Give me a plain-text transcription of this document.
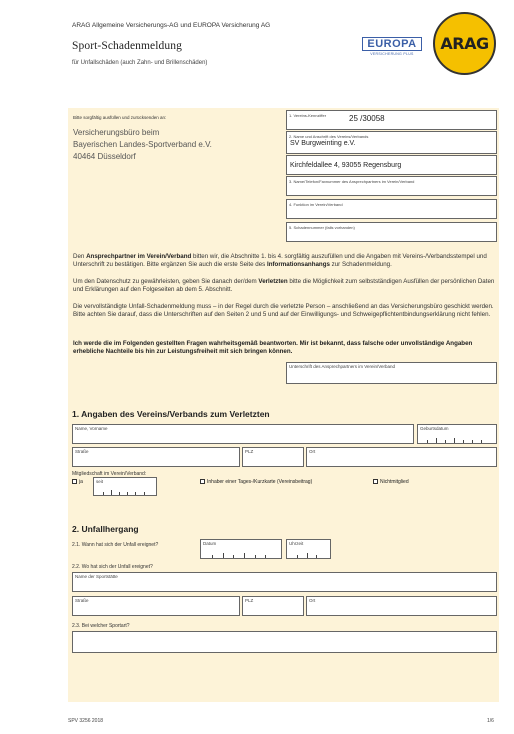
ARAG Allgemeine Versicherungs-AG und EUROPA Versicherung AG
Sport-Schadenmeldung
für Unfallschäden (auch Zahn- und Brillenschäden)
EUROPA
VERSICHERUNG PLUS
ARAG
Bitte sorgfältig ausfüllen und zurücksenden an:
Versicherungsbüro beim
Bayerischen Landes-Sportverband e.V.
40464 Düsseldorf
1. Vereins-Kennziffer	25 /30058
2. Name und Anschrift des Vereins/Verbands
SV Burgweinting e.V.
Kirchfeldallee 4, 93055 Regensburg
3. Name/Telefon/Faxnummer des Ansprechpartners im Verein/Verband
4. Funktion im Verein/Verband
5. Schadennummer (falls vorhanden)
Den Ansprechpartner im Verein/Verband bitten wir, die Abschnitte 1. bis 4. sorgfältig auszufüllen und die Angaben mit Vereins-/Verbandsstempel und Unterschrift zu bestätigen. Bitte ergänzen Sie auch die erste Seite des Informationsanhangs zur Schadenmeldung.
Um den Datenschutz zu gewährleisten, geben Sie danach der/dem Verletzten bitte die Möglichkeit zum selbstständigen Ausfüllen der persönlichen Daten und Erklärungen auf den Folgeseiten ab dem 5. Abschnitt.
Die vervollständigte Unfall-Schadenmeldung muss – in der Regel durch die verletzte Person – anschließend an das Versicherungsbüro geschickt werden. Bitte achten Sie darauf, dass die Unterschriften auf den Seiten 2 und 5 und auf der Einwilligungs- und Schweigepflichtentbindungserklärung nicht fehlen.
Ich werde die im Folgenden gestellten Fragen wahrheitsgemäß beantworten. Mir ist bekannt, dass falsche oder unvollständige Angaben erhebliche Nachteile bis hin zur Leistungsfreiheit mit sich bringen können.
Unterschrift des Ansprechpartners im Verein/Verband
1. Angaben des Vereins/Verbands zum Verletzten
Name, Vorname	Geburtsdatum
Straße	PLZ	Ort
Mitgliedschaft im Verein/Verband:
ja	seit	Inhaber einer Tages-/Kurzkarte (Vereinsbeitrag)	Nichtmitglied
2. Unfallhergang
2.1. Wann hat sich der Unfall ereignet?	Datum	Uhrzeit
2.2. Wo hat sich der Unfall ereignet?
Name der Sportstätte
Straße	PLZ	Ort
2.3. Bei welcher Sportart?
SPV 3256 2018	1/6
